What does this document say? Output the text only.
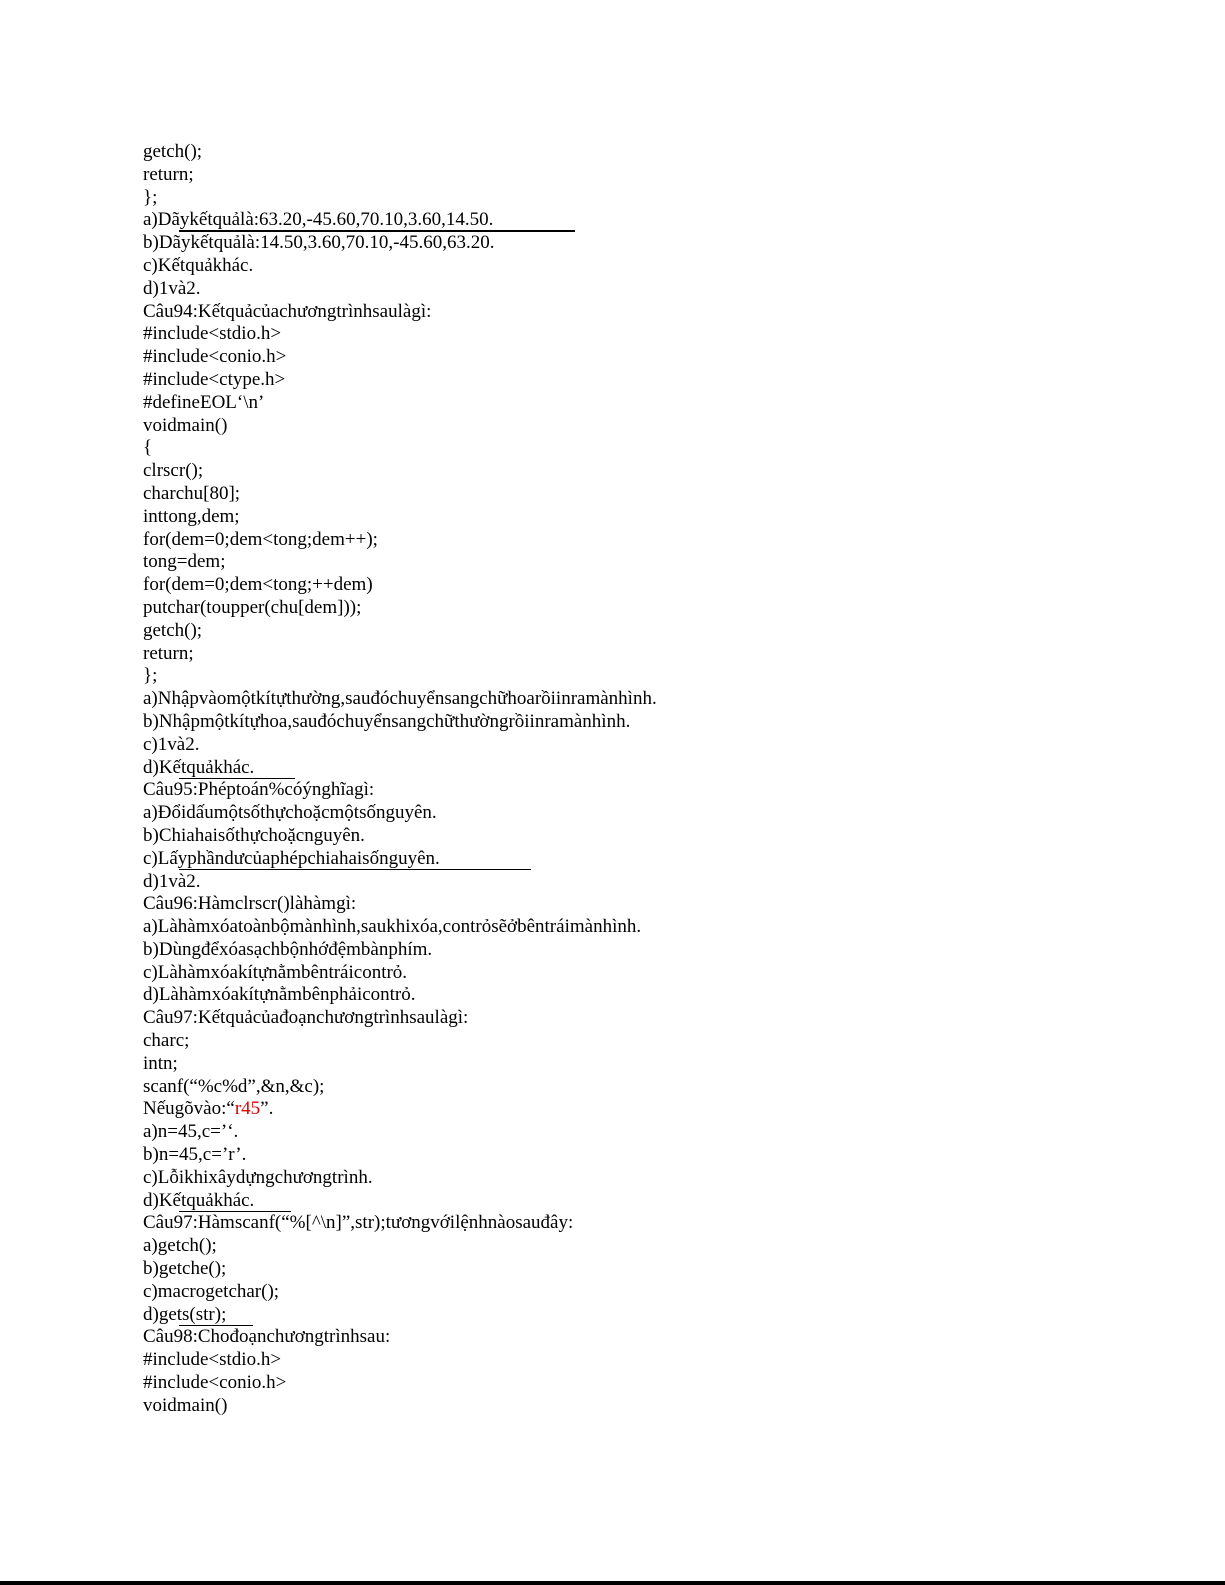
getch();
return;
};
a)Dãykếtquảlà:63.20,-45.60,70.10,3.60,14.50.
b)Dãykếtquảlà:14.50,3.60,70.10,-45.60,63.20.
c)Kếtquảkhác.
d)1và2.
Câu94:Kếtquảcủachươngtrìnhsaulàgì:
#include<stdio.h>
#include<conio.h>
#include<ctype.h>
#defineEOL‘\n’
voidmain()
{
clrscr();
charchu[80];
inttong,dem;
for(dem=0;dem<tong;dem++);
tong=dem;
for(dem=0;dem<tong;++dem)
putchar(toupper(chu[dem]));
getch();
return;
};
a)Nhậpvàomộtkítựthường,sauđóchuyểnsangchữhoarồiinramànhình.
b)Nhậpmộtkítựhoa,sauđóchuyểnsangchữthườngrồiinramànhình.
c)1và2.
d)Kếtquảkhác.
Câu95:Phéptoán%cóýnghĩagì:
a)Đổidấumộtsốthựchoặcmộtsốnguyên.
b)Chiahaisốthựchoặcnguyên.
c)Lấyphầndưcủaphépchiahaisốnguyên.
d)1và2.
Câu96:Hàmclrscr()làhàmgì:
a)Làhàmxóatoànbộmànhình,saukhixóa,contrỏsẽởbêntráimànhình.
b)Dùngđểxóasạchbộnhớđệmbànphím.
c)Làhàmxóakítựnằmbêntráicontrỏ.
d)Làhàmxóakítựnằmbênphảicontrỏ.
Câu97:Kếtquảcủađoạnchươngtrìnhsaulàgì:
charc;
intn;
scanf(“%c%d”,&n,&c);
Nếugõvào:“r45”.
a)n=45,c=’‘.
b)n=45,c=’r’.
c)Lỗikhixâydựngchươngtrình.
d)Kếtquảkhác.
Câu97:Hàmscanf(“%[^\n]”,str);tươngvớilệnhnàosauđây:
a)getch();
b)getche();
c)macrogetchar();
d)gets(str);
Câu98:Chođoạnchươngtrìnhsau:
#include<stdio.h>
#include<conio.h>
voidmain()
